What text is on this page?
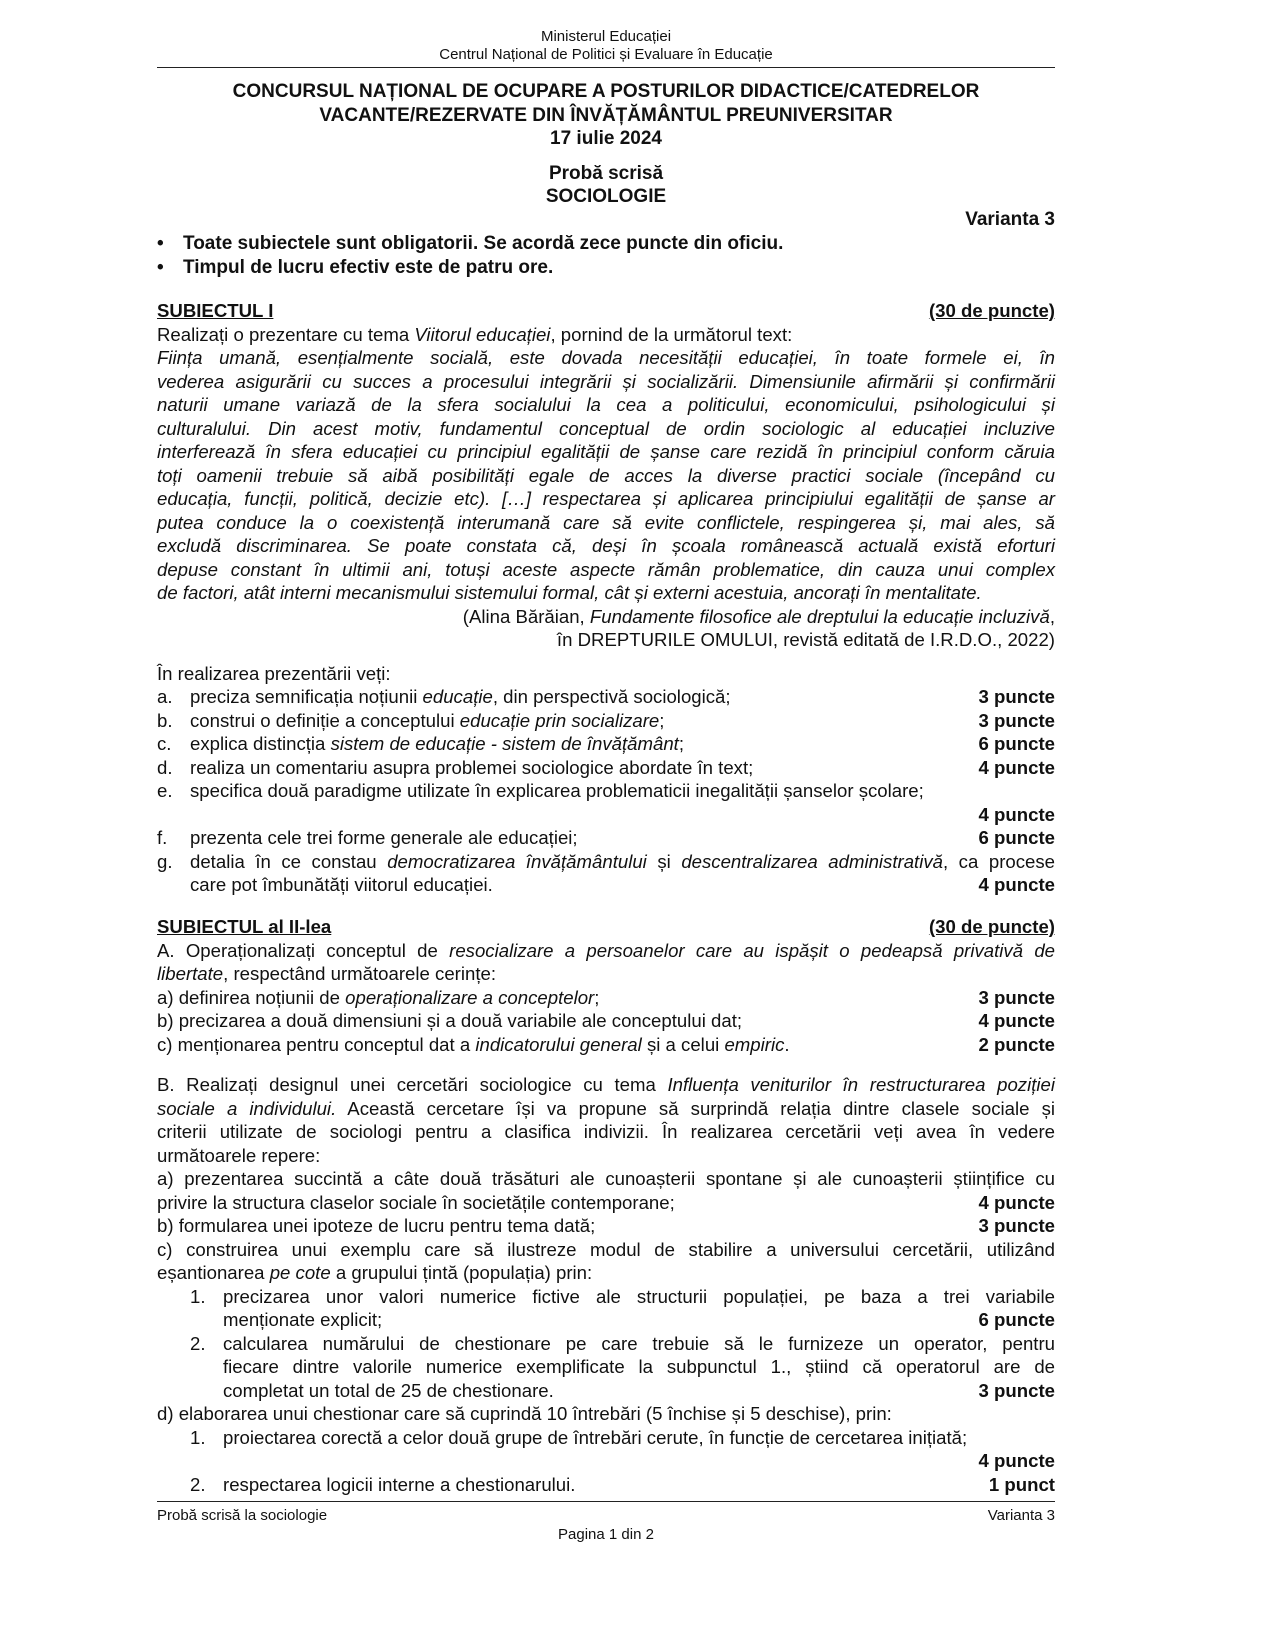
Ministerul Educației
Centrul Național de Politici și Evaluare în Educație
CONCURSUL NAȚIONAL DE OCUPARE A POSTURILOR DIDACTICE/CATEDRELOR
VACANTE/REZERVATE DIN ÎNVĂȚĂMÂNTUL PREUNIVERSITAR
17 iulie 2024
Probă scrisă
SOCIOLOGIE
Varianta 3
• Toate subiectele sunt obligatorii. Se acordă zece puncte din oficiu.
• Timpul de lucru efectiv este de patru ore.
SUBIECTUL I	(30 de puncte)
Realizați o prezentare cu tema Viitorul educației, pornind de la următorul text:
Ființa umană, esențialmente socială, este dovada necesității educației, în toate formele ei, în
vederea asigurării cu succes a procesului integrării și socializării. Dimensiunile afirmării și confirmării
naturii umane variază de la sfera socialului la cea a politicului, economicului, psihologicului și
culturalului. Din acest motiv, fundamentul conceptual de ordin sociologic al educației incluzive
interferează în sfera educației cu principiul egalității de șanse care rezidă în principiul conform căruia
toți oamenii trebuie să aibă posibilități egale de acces la diverse practici sociale (începând cu
educația, funcții, politică, decizie etc). […] respectarea și aplicarea principiului egalității de șanse ar
putea conduce la o coexistență interumană care să evite conflictele, respingerea și, mai ales, să
excludă discriminarea. Se poate constata că, deși în școala românească actuală există eforturi
depuse constant în ultimii ani, totuși aceste aspecte rămân problematice, din cauza unui complex
de factori, atât interni mecanismului sistemului formal, cât și externi acestuia, ancorați în mentalitate.
(Alina Bărăian, Fundamente filosofice ale dreptului la educație incluzivă,
în DREPTURILE OMULUI, revistă editată de I.R.D.O., 2022)
În realizarea prezentării veți:
a. preciza semnificația noțiunii educație, din perspectivă sociologică;	3 puncte
b. construi o definiție a conceptului educație prin socializare;	3 puncte
c. explica distincția sistem de educație - sistem de învățământ;	6 puncte
d. realiza un comentariu asupra problemei sociologice abordate în text;	4 puncte
e. specifica două paradigme utilizate în explicarea problematicii inegalității șanselor școlare;
4 puncte
f. prezenta cele trei forme generale ale educației;	6 puncte
g. detalia în ce constau democratizarea învățământului și descentralizarea administrativă, ca procese
care pot îmbunătăți viitorul educației.	4 puncte
SUBIECTUL al II-lea	(30 de puncte)
A. Operaționalizați conceptul de resocializare a persoanelor care au ispășit o pedeapsă privativă de
libertate, respectând următoarele cerințe:
a) definirea noțiunii de operaționalizare a conceptelor;	3 puncte
b) precizarea a două dimensiuni și a două variabile ale conceptului dat;	4 puncte
c) menționarea pentru conceptul dat a indicatorului general și a celui empiric.	2 puncte
B. Realizați designul unei cercetări sociologice cu tema Influența veniturilor în restructurarea poziției
sociale a individului. Această cercetare își va propune să surprindă relația dintre clasele sociale și
criterii utilizate de sociologi pentru a clasifica indivizii. În realizarea cercetării veți avea în vedere
următoarele repere:
a) prezentarea succintă a câte două trăsături ale cunoașterii spontane și ale cunoașterii științifice cu
privire la structura claselor sociale în societățile contemporane;	4 puncte
b) formularea unei ipoteze de lucru pentru tema dată;	3 puncte
c) construirea unui exemplu care să ilustreze modul de stabilire a universului cercetării, utilizând
eșantionarea pe cote a grupului țintă (populația) prin:
1. precizarea unor valori numerice fictive ale structurii populației, pe baza a trei variabile
menționate explicit;	6 puncte
2. calcularea numărului de chestionare pe care trebuie să le furnizeze un operator, pentru
fiecare dintre valorile numerice exemplificate la subpunctul 1., știind că operatorul are de
completat un total de 25 de chestionare.	3 puncte
d) elaborarea unui chestionar care să cuprindă 10 întrebări (5 închise și 5 deschise), prin:
1. proiectarea corectă a celor două grupe de întrebări cerute, în funcție de cercetarea inițiată;
4 puncte
2. respectarea logicii interne a chestionarului.	1 punct
Probă scrisă la sociologie	Varianta 3
Pagina 1 din 2
